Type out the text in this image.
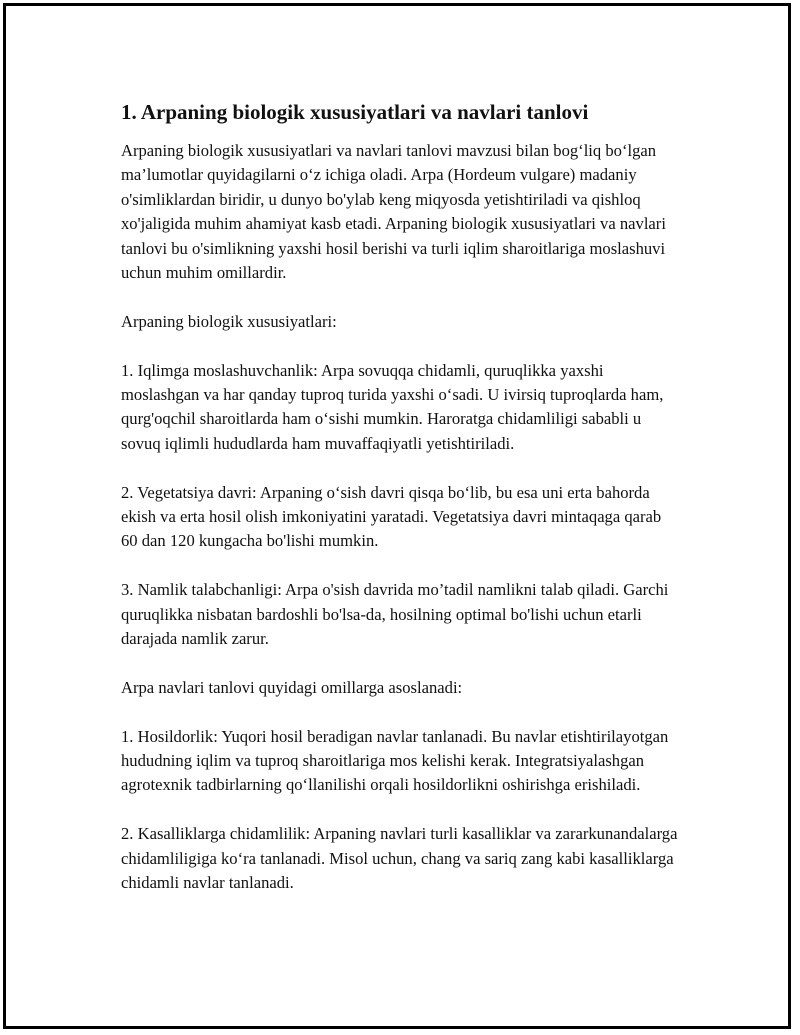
1. Arpaning biologik xususiyatlari va navlari tanlovi

Arpaning biologik xususiyatlari va navlari tanlovi mavzusi bilan bog‘liq bo‘lgan ma’lumotlar quyidagilarni o‘z ichiga oladi. Arpa (Hordeum vulgare) madaniy o'simliklardan biridir, u dunyo bo'ylab keng miqyosda yetishtiriladi va qishloq xo'jaligida muhim ahamiyat kasb etadi. Arpaning biologik xususiyatlari va navlari tanlovi bu o'simlikning yaxshi hosil berishi va turli iqlim sharoitlariga moslashuvi uchun muhim omillardir.

Arpaning biologik xususiyatlari:

1. Iqlimga moslashuvchanlik: Arpa sovuqqa chidamli, quruqlikka yaxshi moslashgan va har qanday tuproq turida yaxshi o‘sadi. U ivirsiq tuproqlarda ham, qurg'oqchil sharoitlarda ham o‘sishi mumkin. Haroratga chidamliligi sababli u sovuq iqlimli hududlarda ham muvaffaqiyatli yetishtiriladi.

2. Vegetatsiya davri: Arpaning o‘sish davri qisqa bo‘lib, bu esa uni erta bahorda ekish va erta hosil olish imkoniyatini yaratadi. Vegetatsiya davri mintaqaga qarab 60 dan 120 kungacha bo'lishi mumkin.

3. Namlik talabchanligi: Arpa o'sish davrida mo’tadil namlikni talab qiladi. Garchi quruqlikka nisbatan bardoshli bo'lsa-da, hosilning optimal bo'lishi uchun etarli darajada namlik zarur.

Arpa navlari tanlovi quyidagi omillarga asoslanadi:

1. Hosildorlik: Yuqori hosil beradigan navlar tanlanadi. Bu navlar etishtirilayotgan hududning iqlim va tuproq sharoitlariga mos kelishi kerak. Integratsiyalashgan agrotexnik tadbirlarning qo‘llanilishi orqali hosildorlikni oshirishga erishiladi.

2. Kasalliklarga chidamlilik: Arpaning navlari turli kasalliklar va zararkunandalarga chidamliligiga ko‘ra tanlanadi. Misol uchun, chang va sariq zang kabi kasalliklarga chidamli navlar tanlanadi.
